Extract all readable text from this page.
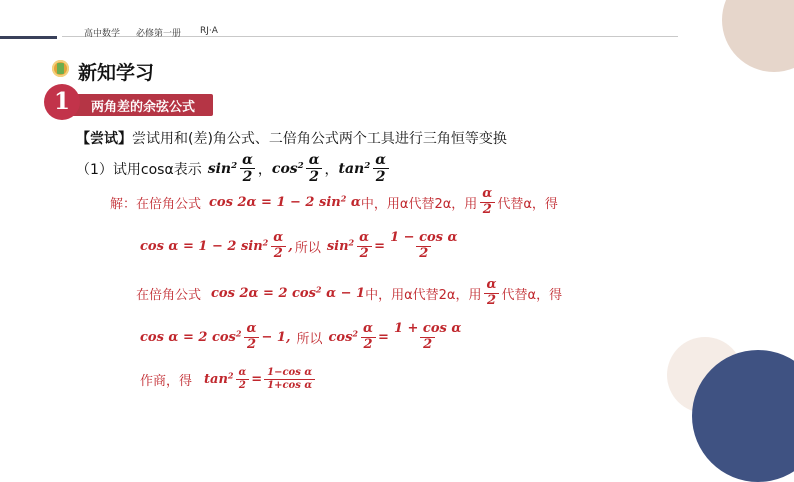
高中数学 必修第一册 RJ·A
新知学习
1	两角差的余弦公式
【尝试】尝试用和(差)角公式、二倍角公式两个工具进行三角恒等变换
（1）试用cosα表示 $\sin^2 \frac{\alpha}{2}$ ， $\cos^2 \frac{\alpha}{2}$ ， $\tan^2 \frac{\alpha}{2}$
解：在倍角公式 cos 2α = 1 − 2 $\sin^2 \alpha$ 中，用α代替2α，用 $\frac{\alpha}{2}$ 代替α，得
cos α = 1 − 2 $\sin^2 \frac{\alpha}{2}$ , 所以 $\sin^2 \frac{\alpha}{2} = \frac{\text{1 − cos α}}{2}$
在倍角公式 cos 2α = 2 $\cos^2 \alpha - 1$ 中，用α代替2α，用 $\frac{\alpha}{2}$ 代替α，得
cos α = 2 $\cos^2 \frac{\alpha}{2} - 1$, 所以 $\cos^2 \frac{\alpha}{2} = \frac{\text{1 + cos α}}{2}$
作商，得 $\tan^2 \frac{\alpha}{2} = \frac{\text{1−cos α}}{\text{1+cos α}}$
